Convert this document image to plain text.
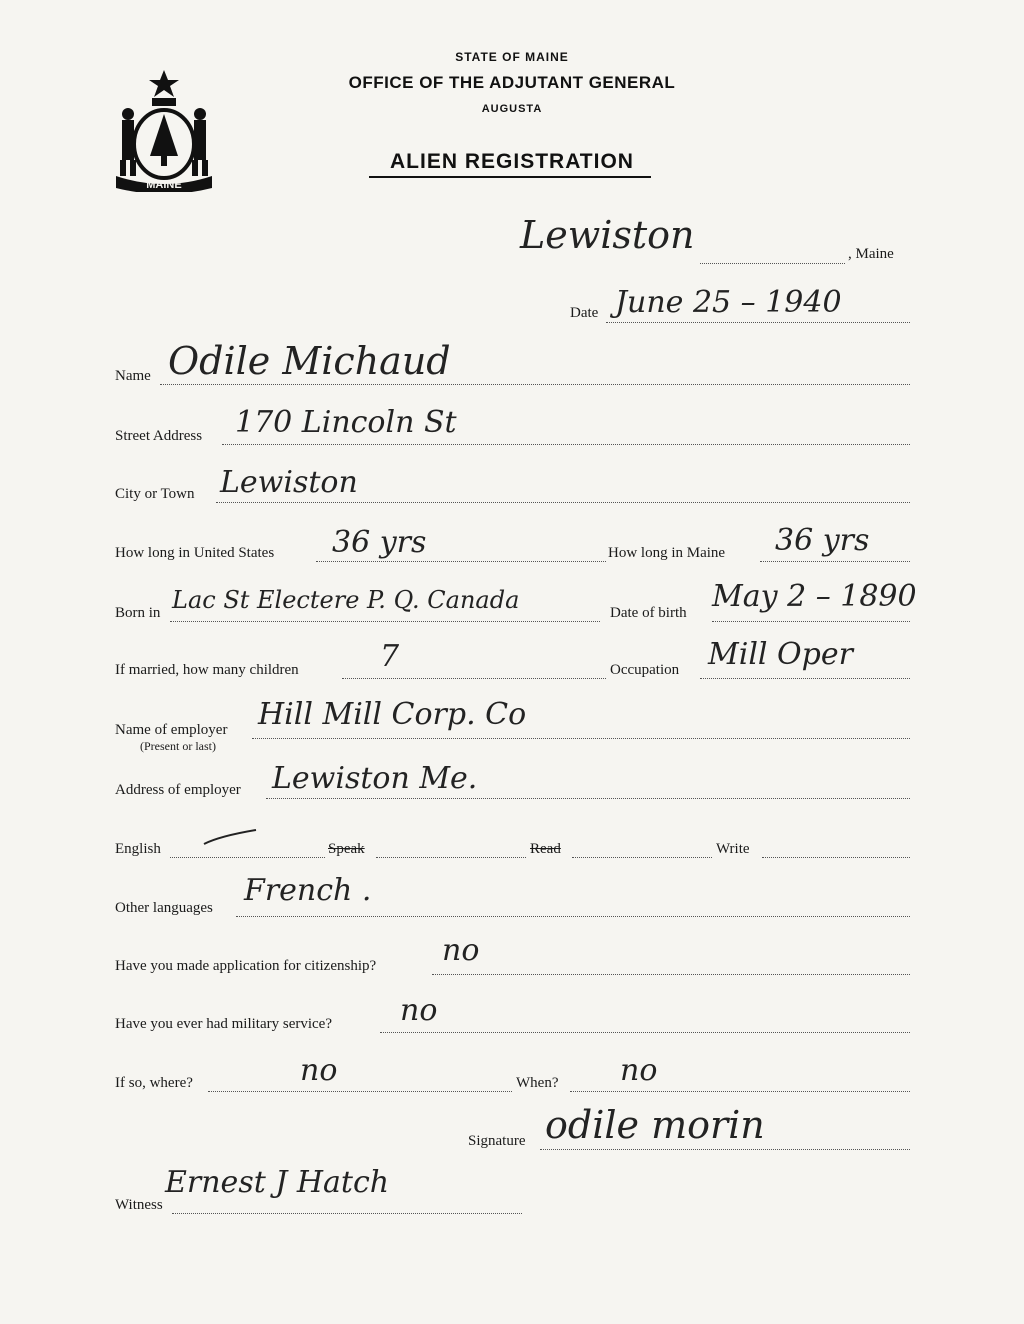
MAINE
STATE OF MAINE
OFFICE OF THE ADJUTANT GENERAL
AUGUSTA
ALIEN REGISTRATION
Lewiston	, Maine
Date June 25 – 1940
Name Odile Michaud
Street Address 170 Lincoln St
City or Town Lewiston
How long in United States 36 yrs	How long in Maine 36 yrs
Born in Lac St Electere P. Q. Canada	Date of birth May 2 – 1890
If married, how many children	7	Occupation Mill Oper
Name of employer
(Present or last)
Hill Mill Corp. Co
Address of employer Lewiston Me.
English	Speak	Read	Write
Other languages French .
Have you made application for citizenship? no
Have you ever had military service? no
If so, where?	no	When? no
Signature odile morin
Witness
Ernest J Hatch
